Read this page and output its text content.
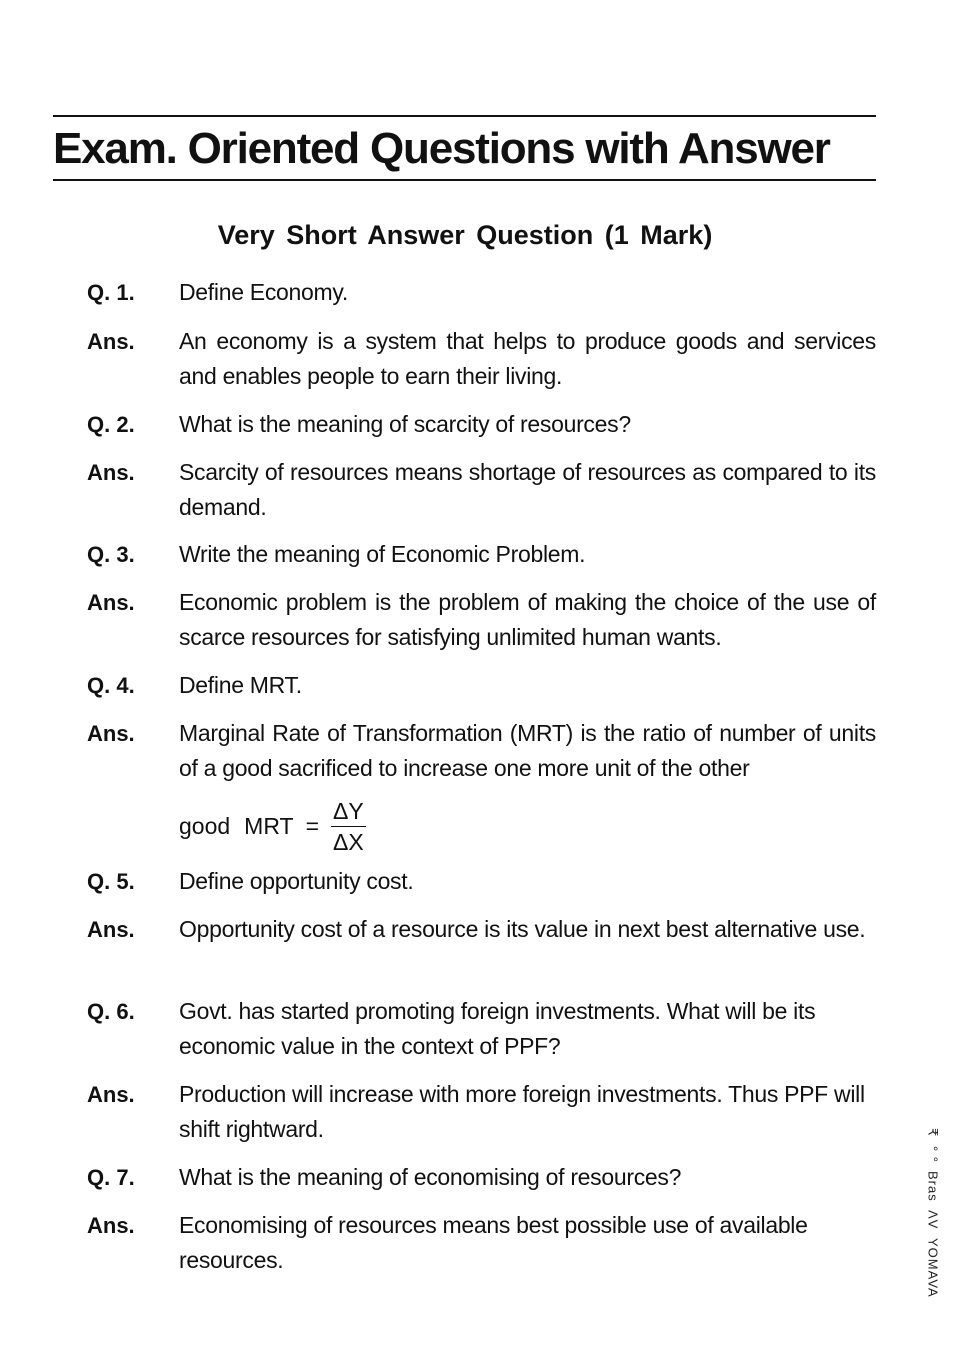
Exam. Oriented Questions with Answer
Very Short Answer Question (1 Mark)
Q. 1.	Define Economy.
Ans.	An economy is a system that helps to produce goods and services and enables people to earn their living.
Q. 2.	What is the meaning of scarcity of resources?
Ans.	Scarcity of resources means shortage of resources as compared to its demand.
Q. 3.	Write the meaning of Economic Problem.
Ans.	Economic problem is the problem of making the choice of the use of scarce resources for satisfying unlimited human wants.
Q. 4.	Define MRT.
Ans.	Marginal Rate of Transformation (MRT) is the ratio of number of units of a good sacrificed to increase one more unit of the other
good MRT = $\frac{\Delta Y}{\Delta X}$
Q. 5.	Define opportunity cost.
Ans.	Opportunity cost of a resource is its value in next best alternative use.
Q. 6.	Govt. has started promoting foreign investments. What will be its economic value in the context of PPF?
Ans.	Production will increase with more foreign investments. Thus PPF will shift rightward.
Q. 7.	What is the meaning of economising of resources?
Ans.	Economising of resources means best possible use of available resources.
₹
° °
Bras
ΛV
YOMAVA
